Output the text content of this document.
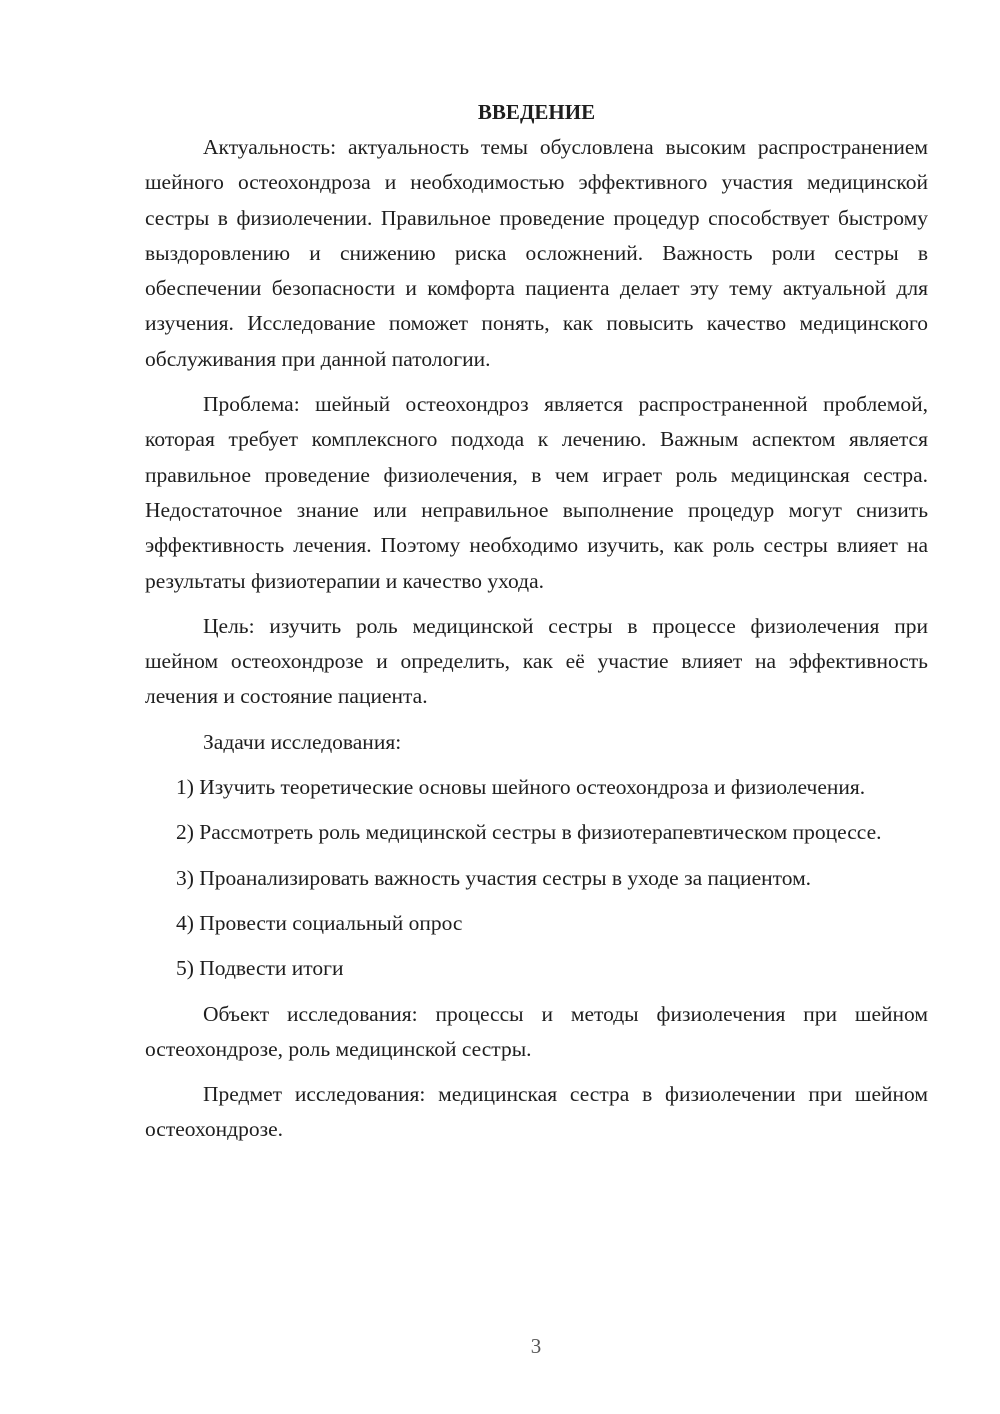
ВВЕДЕНИЕ

Актуальность: актуальность темы обусловлена высоким распространением шейного остеохондроза и необходимостью эффективного участия медицинской сестры в физиолечении. Правильное проведение процедур способствует быстрому выздоровлению и снижению риска осложнений. Важность роли сестры в обеспечении безопасности и комфорта пациента делает эту тему актуальной для изучения. Исследование поможет понять, как повысить качество медицинского обслуживания при данной патологии.

Проблема: шейный остеохондроз является распространенной проблемой, которая требует комплексного подхода к лечению. Важным аспектом является правильное проведение физиолечения, в чем играет роль медицинская сестра. Недостаточное знание или неправильное выполнение процедур могут снизить эффективность лечения. Поэтому необходимо изучить, как роль сестры влияет на результаты физиотерапии и качество ухода.

Цель: изучить роль медицинской сестры в процессе физиолечения при шейном остеохондрозе и определить, как её участие влияет на эффективность лечения и состояние пациента.

Задачи исследования:

1) Изучить теоретические основы шейного остеохондроза и физиолечения.

2) Рассмотреть роль медицинской сестры в физиотерапевтическом процессе.

3) Проанализировать важность участия сестры в уходе за пациентом.

4) Провести социальный опрос

5) Подвести итоги

Объект исследования: процессы и методы физиолечения при шейном остеохондрозе, роль медицинской сестры.

Предмет исследования: медицинская сестра в физиолечении при шейном остеохондрозе.

3
